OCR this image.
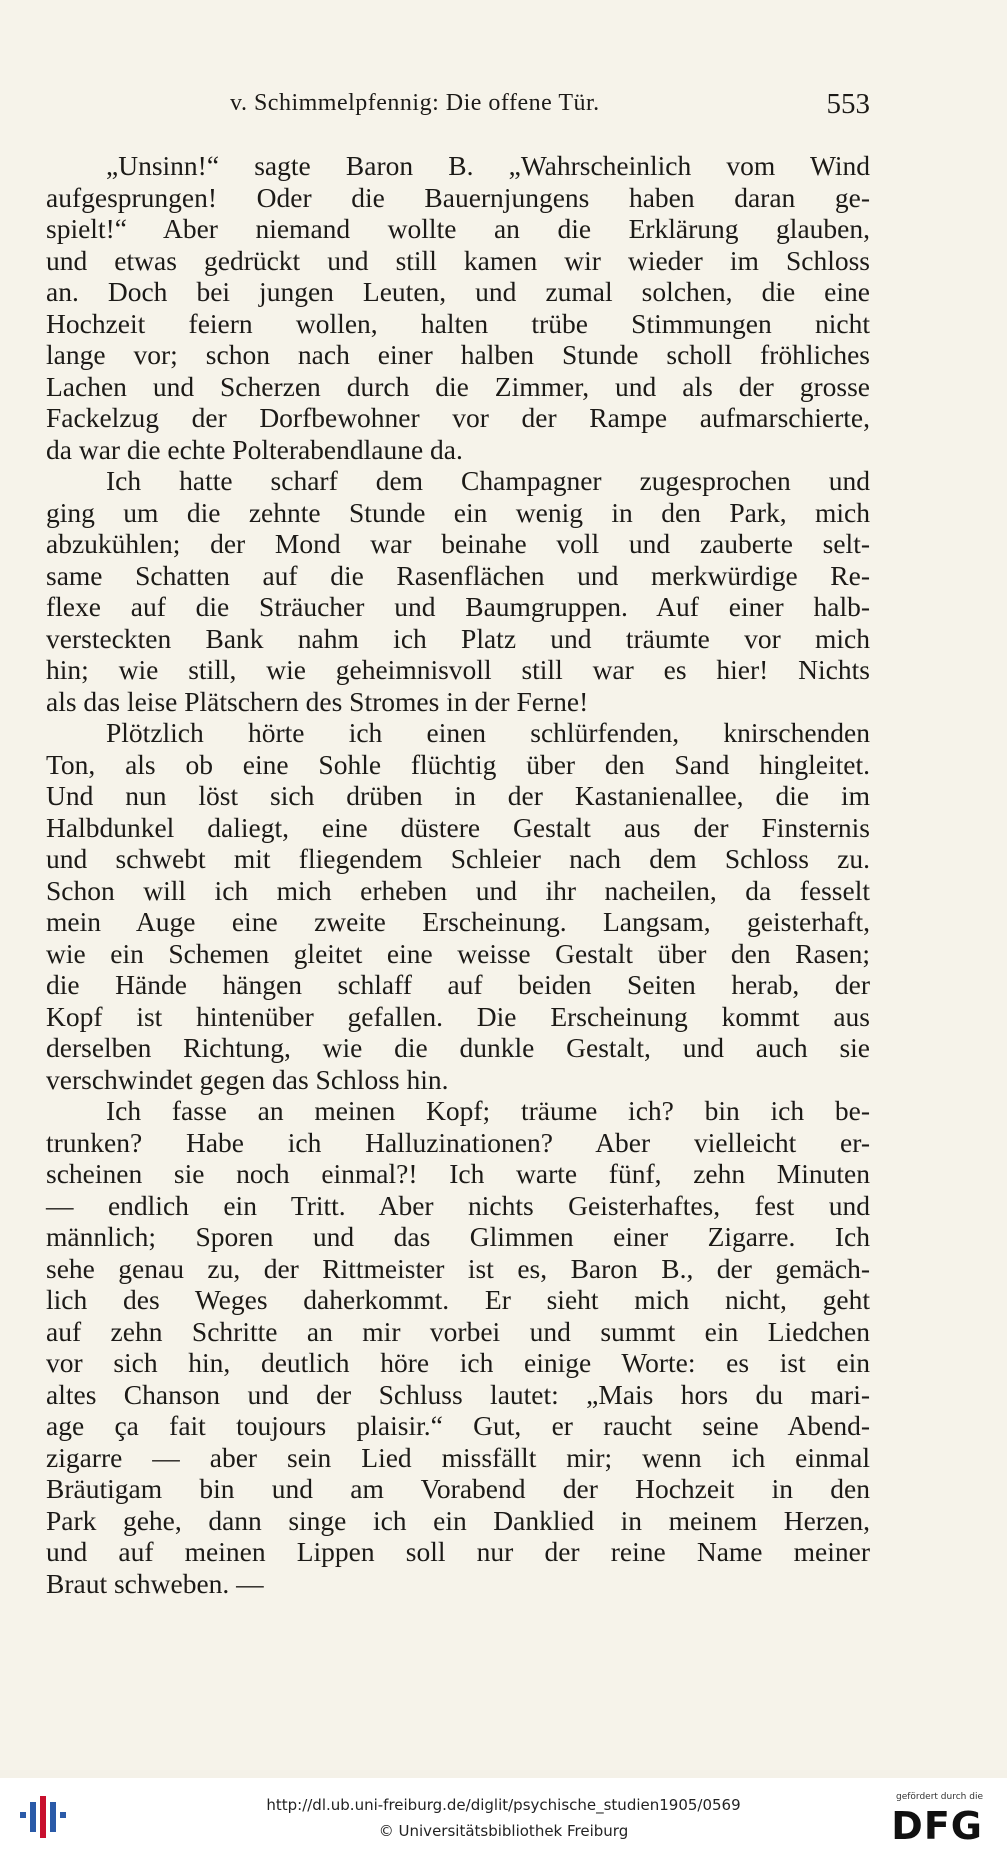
v. Schimmelpfennig: Die offene Tür.	553
„Unsinn!“ sagte Baron B. „Wahrscheinlich vom Wind
aufgesprungen! Oder die Bauernjungens haben daran ge-
spielt!“ Aber niemand wollte an die Erklärung glauben,
und etwas gedrückt und still kamen wir wieder im Schloss
an. Doch bei jungen Leuten, und zumal solchen, die eine
Hochzeit feiern wollen, halten trübe Stimmungen nicht
lange vor; schon nach einer halben Stunde scholl fröhliches
Lachen und Scherzen durch die Zimmer, und als der grosse
Fackelzug der Dorfbewohner vor der Rampe aufmarschierte,
da war die echte Polterabendlaune da.
Ich hatte scharf dem Champagner zugesprochen und
ging um die zehnte Stunde ein wenig in den Park, mich
abzukühlen; der Mond war beinahe voll und zauberte selt-
same Schatten auf die Rasenflächen und merkwürdige Re-
flexe auf die Sträucher und Baumgruppen. Auf einer halb-
versteckten Bank nahm ich Platz und träumte vor mich
hin; wie still, wie geheimnisvoll still war es hier! Nichts
als das leise Plätschern des Stromes in der Ferne!
Plötzlich hörte ich einen schlürfenden, knirschenden
Ton, als ob eine Sohle flüchtig über den Sand hingleitet.
Und nun löst sich drüben in der Kastanienallee, die im
Halbdunkel daliegt, eine düstere Gestalt aus der Finsternis
und schwebt mit fliegendem Schleier nach dem Schloss zu.
Schon will ich mich erheben und ihr nacheilen, da fesselt
mein Auge eine zweite Erscheinung. Langsam, geisterhaft,
wie ein Schemen gleitet eine weisse Gestalt über den Rasen;
die Hände hängen schlaff auf beiden Seiten herab, der
Kopf ist hintenüber gefallen. Die Erscheinung kommt aus
derselben Richtung, wie die dunkle Gestalt, und auch sie
verschwindet gegen das Schloss hin.
Ich fasse an meinen Kopf; träume ich? bin ich be-
trunken? Habe ich Halluzinationen? Aber vielleicht er-
scheinen sie noch einmal?! Ich warte fünf, zehn Minuten
— endlich ein Tritt. Aber nichts Geisterhaftes, fest und
männlich; Sporen und das Glimmen einer Zigarre. Ich
sehe genau zu, der Rittmeister ist es, Baron B., der gemäch-
lich des Weges daherkommt. Er sieht mich nicht, geht
auf zehn Schritte an mir vorbei und summt ein Liedchen
vor sich hin, deutlich höre ich einige Worte: es ist ein
altes Chanson und der Schluss lautet: „Mais hors du mari-
age ça fait toujours plaisir.“ Gut, er raucht seine Abend-
zigarre — aber sein Lied missfällt mir; wenn ich einmal
Bräutigam bin und am Vorabend der Hochzeit in den
Park gehe, dann singe ich ein Danklied in meinem Herzen,
und auf meinen Lippen soll nur der reine Name meiner
Braut schweben. —
http://dl.ub.uni-freiburg.de/diglit/psychische_studien1905/0569
© Universitätsbibliothek Freiburg
gefördert durch die
DFG
